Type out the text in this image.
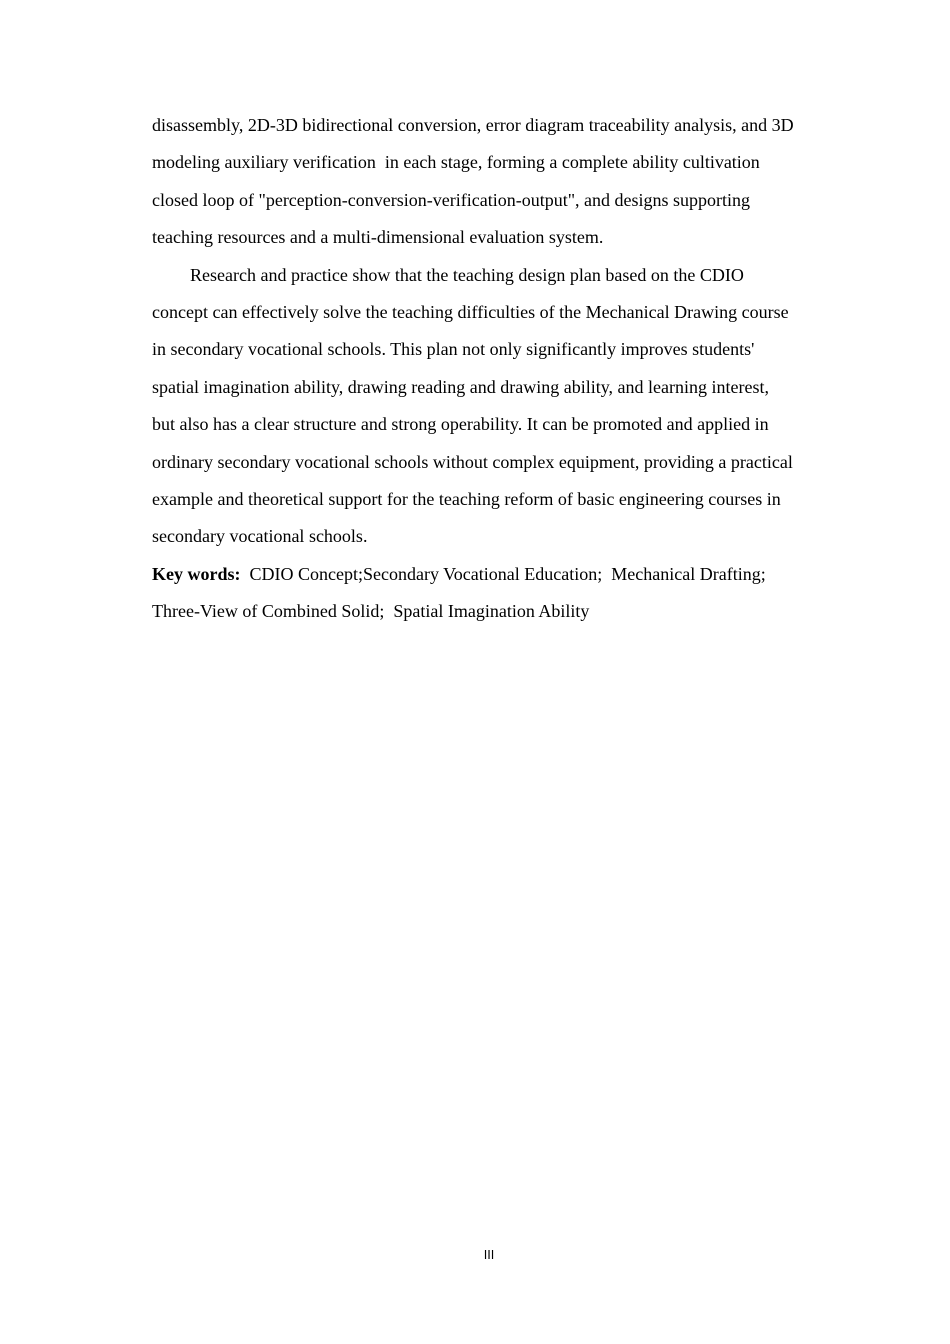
disassembly, 2D-3D bidirectional conversion, error diagram traceability analysis, and 3D
modeling auxiliary verification  in each stage, forming a complete ability cultivation
closed loop of "perception-conversion-verification-output", and designs supporting
teaching resources and a multi-dimensional evaluation system.
Research and practice show that the teaching design plan based on the CDIO
concept can effectively solve the teaching difficulties of the Mechanical Drawing course
in secondary vocational schools. This plan not only significantly improves students'
spatial imagination ability, drawing reading and drawing ability, and learning interest,
but also has a clear structure and strong operability. It can be promoted and applied in
ordinary secondary vocational schools without complex equipment, providing a practical
example and theoretical support for the teaching reform of basic engineering courses in
secondary vocational schools.
Key words:  CDIO Concept;Secondary Vocational Education;  Mechanical Drafting;
Three-View of Combined Solid;  Spatial Imagination Ability
III
